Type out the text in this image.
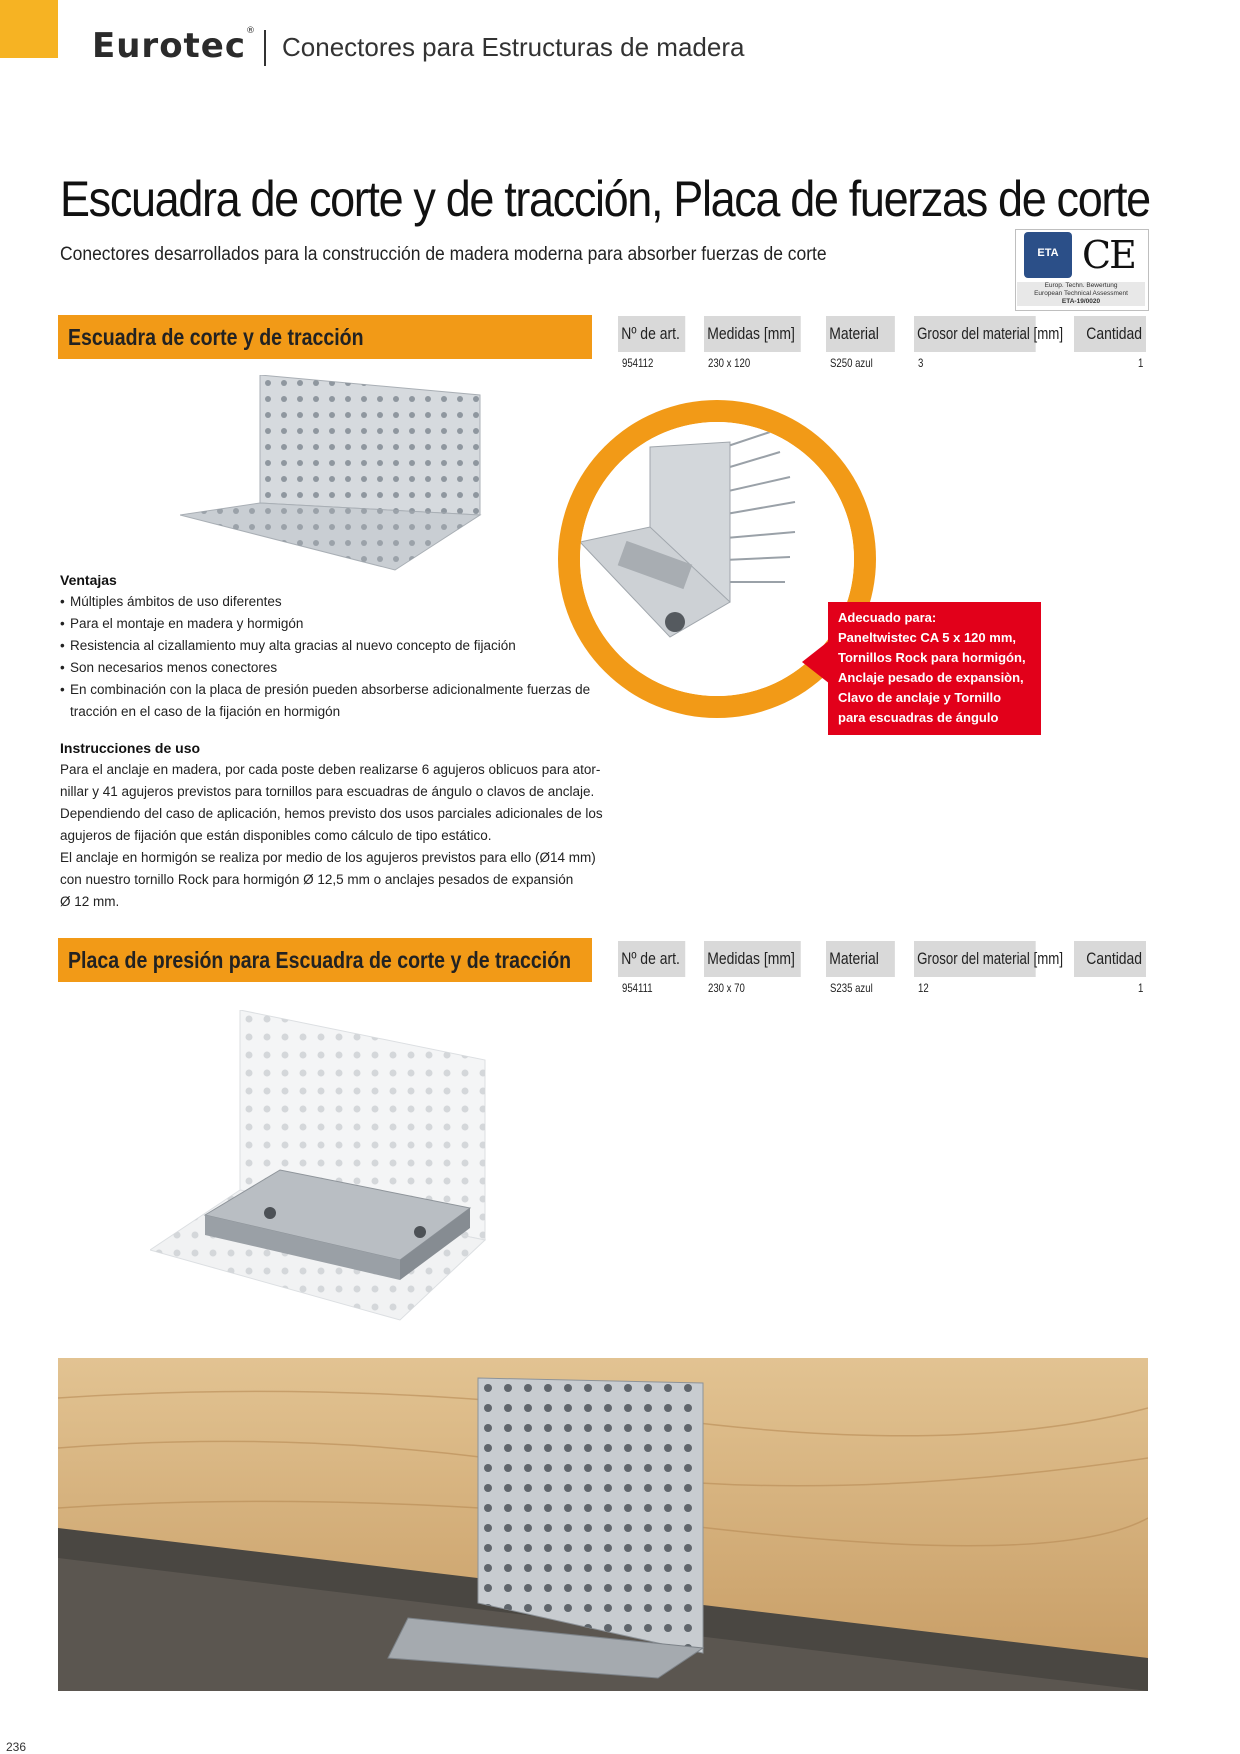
Eurotec®
Conectores para Estructuras de madera
Escuadra de corte y de tracción, Placa de fuerzas de corte
Conectores desarrollados para la construcción de madera moderna para absorber fuerzas de corte	ETA CE
Europ. Techn. Bewertung
European Technical Assessment
ETA-19/0020
Escuadra de corte y de tracción	Nº de art.	Medidas [mm]	Material	Grosor del material [mm] Cantidad
954112	230 x 120	S250 azul	3	1
Ventajas
• Múltiples ámbitos de uso diferentes
• Para el montaje en madera y hormigón
• Resistencia al cizallamiento muy alta gracias al nuevo concepto de fijación
• Son necesarios menos conectores
• En combinación con la placa de presión pueden absorberse adicionalmente fuerzas de tracción en el caso de la fijación en hormigón
Instrucciones de uso
Para el anclaje en madera, por cada poste deben realizarse 6 agujeros oblicuos para ator-
nillar y 41 agujeros previstos para tornillos para escuadras de ángulo o clavos de anclaje.
Dependiendo del caso de aplicación, hemos previsto dos usos parciales adicionales de los
agujeros de fijación que están disponibles como cálculo de tipo estático.
El anclaje en hormigón se realiza por medio de los agujeros previstos para ello (Ø14 mm)
con nuestro tornillo Rock para hormigón Ø 12,5 mm o anclajes pesados de expansión
Ø 12 mm.
Adecuado para:
Paneltwistec CA 5 x 120 mm,
Tornillos Rock para hormigón,
Anclaje pesado de expansiòn,
Clavo de anclaje y Tornillo
para escuadras de ángulo
Placa de presión para Escuadra de corte y de tracción	Nº de art.	Medidas [mm]	Material	Grosor del material [mm] Cantidad
954111	230 x 70	S235 azul	12	1
236
